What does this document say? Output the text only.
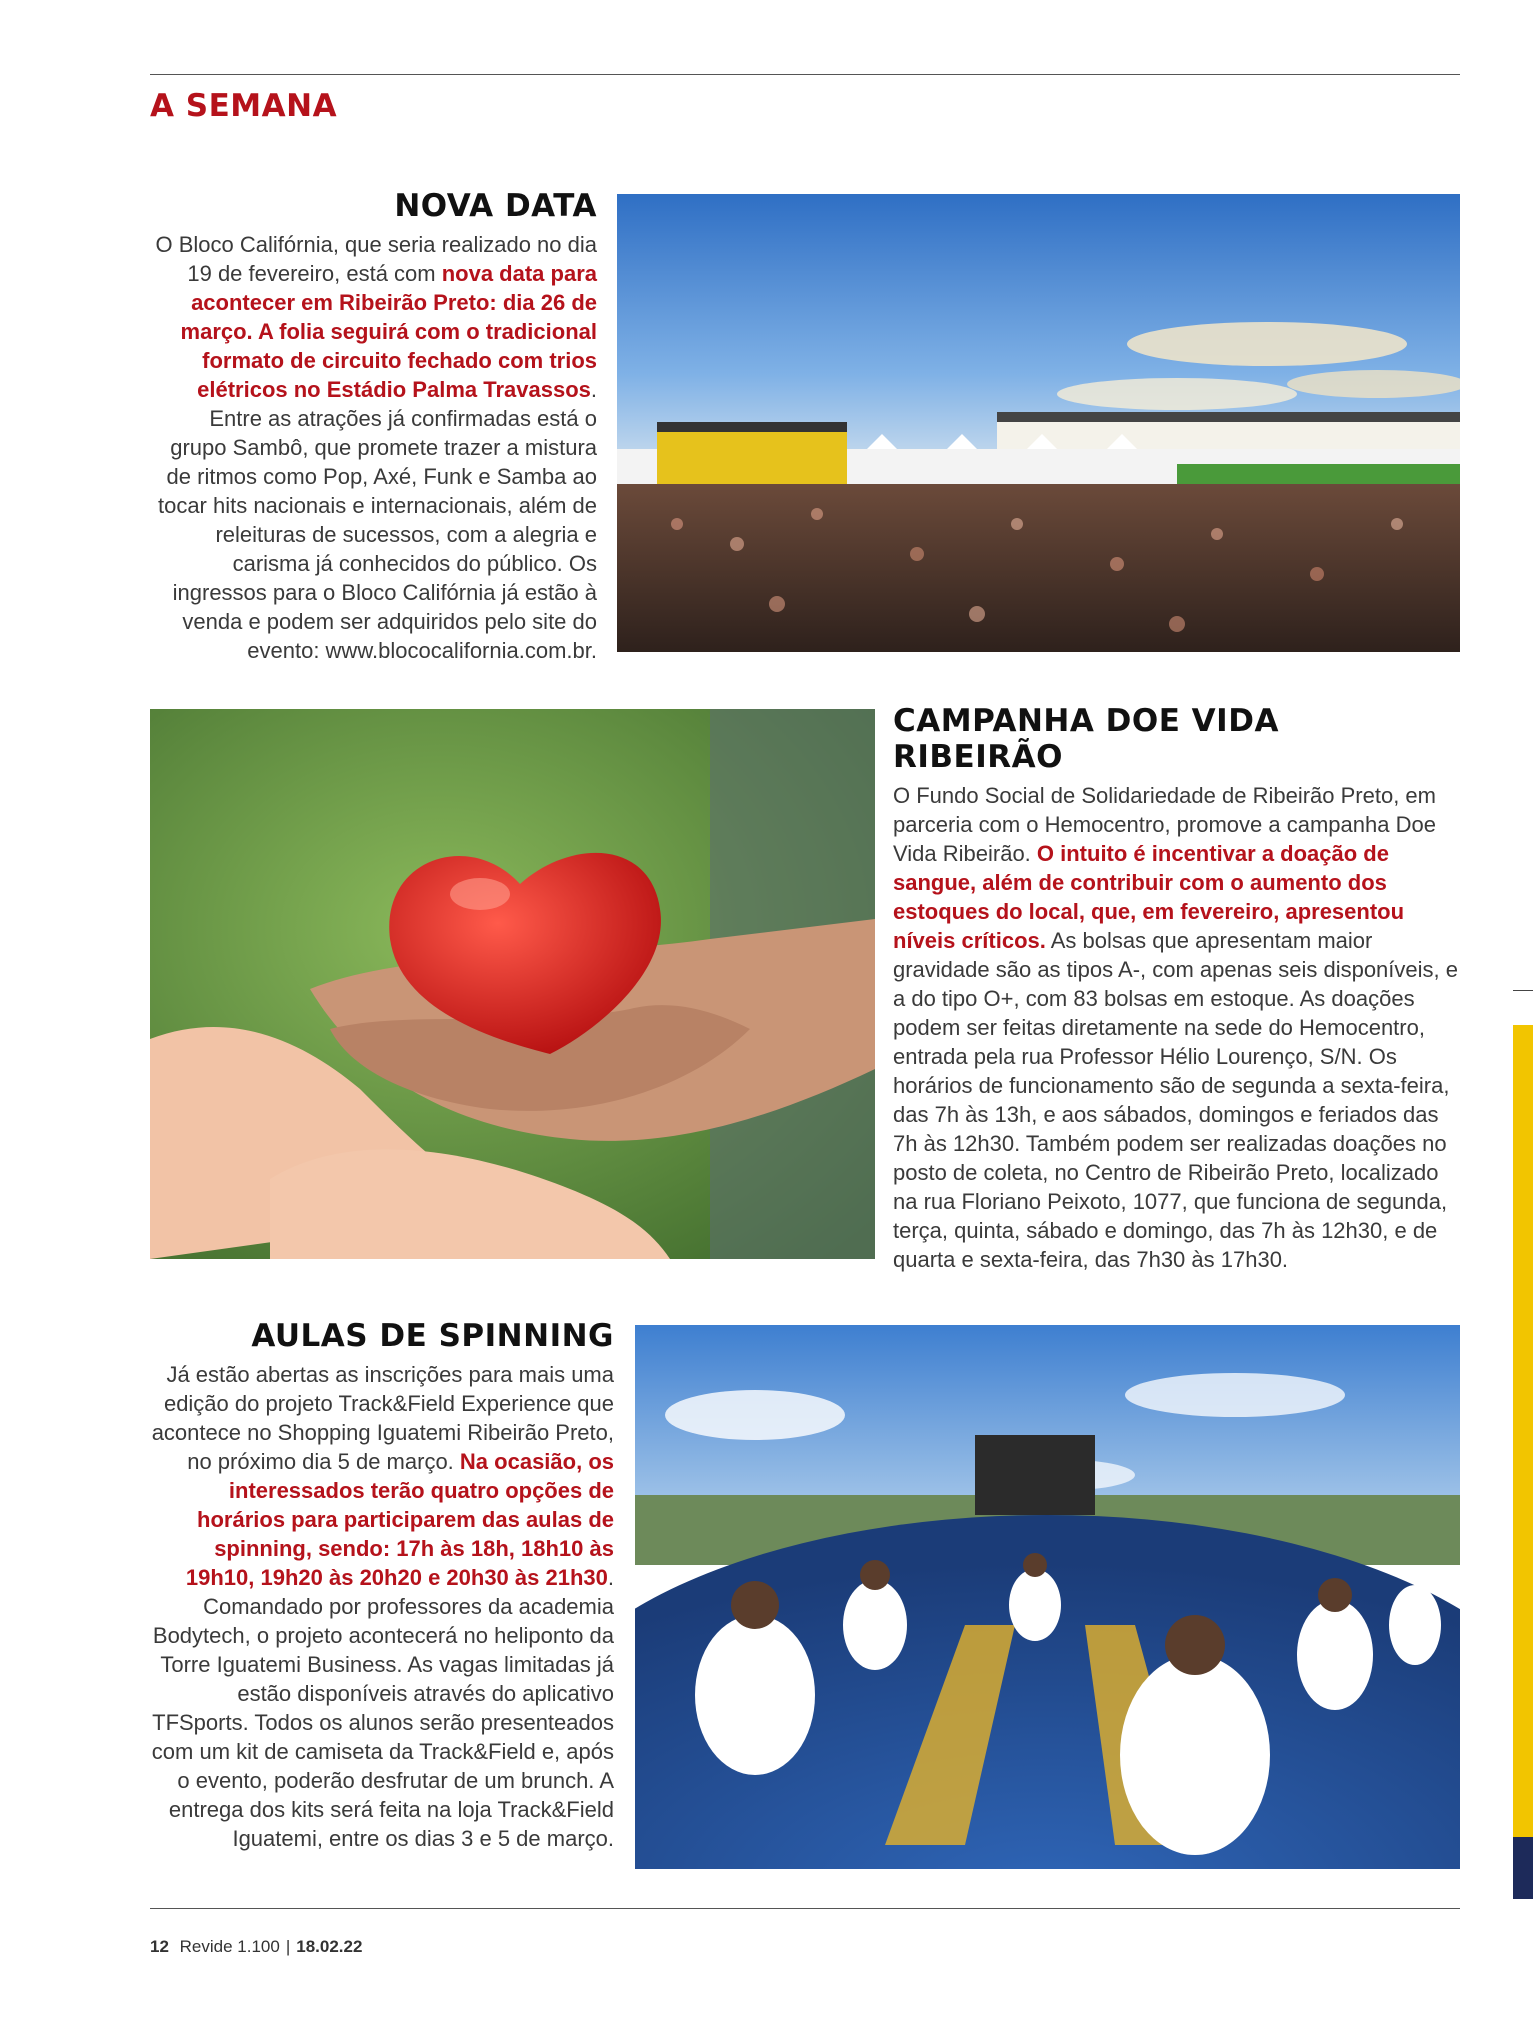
A SEMANA
NOVA DATA

O Bloco Califórnia, que seria realizado no dia 19 de fevereiro, está com nova data para acontecer em Ribeirão Preto: dia 26 de março. A folia seguirá com o tradicional formato de circuito fechado com trios elétricos no Estádio Palma Travassos. Entre as atrações já confirmadas está o grupo Sambô, que promete trazer a mistura de ritmos como Pop, Axé, Funk e Samba ao tocar hits nacionais e internacionais, além de releituras de sucessos, com a alegria e carisma já conhecidos do público. Os ingressos para o Bloco Califórnia já estão à venda e podem ser adquiridos pelo site do evento: www.blococalifornia.com.br.

CAMPANHA DOE VIDA RIBEIRÃO

O Fundo Social de Solidariedade de Ribeirão Preto, em parceria com o Hemocentro, promove a campanha Doe Vida Ribeirão. O intuito é incentivar a doação de sangue, além de contribuir com o aumento dos estoques do local, que, em fevereiro, apresentou níveis críticos. As bolsas que apresentam maior gravidade são as tipos A-, com apenas seis disponíveis, e a do tipo O+, com 83 bolsas em estoque. As doações podem ser feitas diretamente na sede do Hemocentro, entrada pela rua Professor Hélio Lourenço, S/N. Os horários de funcionamento são de segunda a sexta-feira, das 7h às 13h, e aos sábados, domingos e feriados das 7h às 12h30. Também podem ser realizadas doações no posto de coleta, no Centro de Ribeirão Preto, localizado na rua Floriano Peixoto, 1077, que funciona de segunda, terça, quinta, sábado e domingo, das 7h às 12h30, e de quarta e sexta-feira, das 7h30 às 17h30.

AULAS DE SPINNING

Já estão abertas as inscrições para mais uma edição do projeto Track&Field Experience que acontece no Shopping Iguatemi Ribeirão Preto, no próximo dia 5 de março. Na ocasião, os interessados terão quatro opções de horários para participarem das aulas de spinning, sendo: 17h às 18h, 18h10 às 19h10, 19h20 às 20h20 e 20h30 às 21h30. Comandado por professores da academia Bodytech, o projeto acontecerá no heliponto da Torre Iguatemi Business. As vagas limitadas já estão disponíveis através do aplicativo TFSports. Todos os alunos serão presenteados com um kit de camiseta da Track&Field e, após o evento, poderão desfrutar de um brunch. A entrega dos kits será feita na loja Track&Field Iguatemi, entre os dias 3 e 5 de março.

12 Revide 1.100 | 18.02.22
